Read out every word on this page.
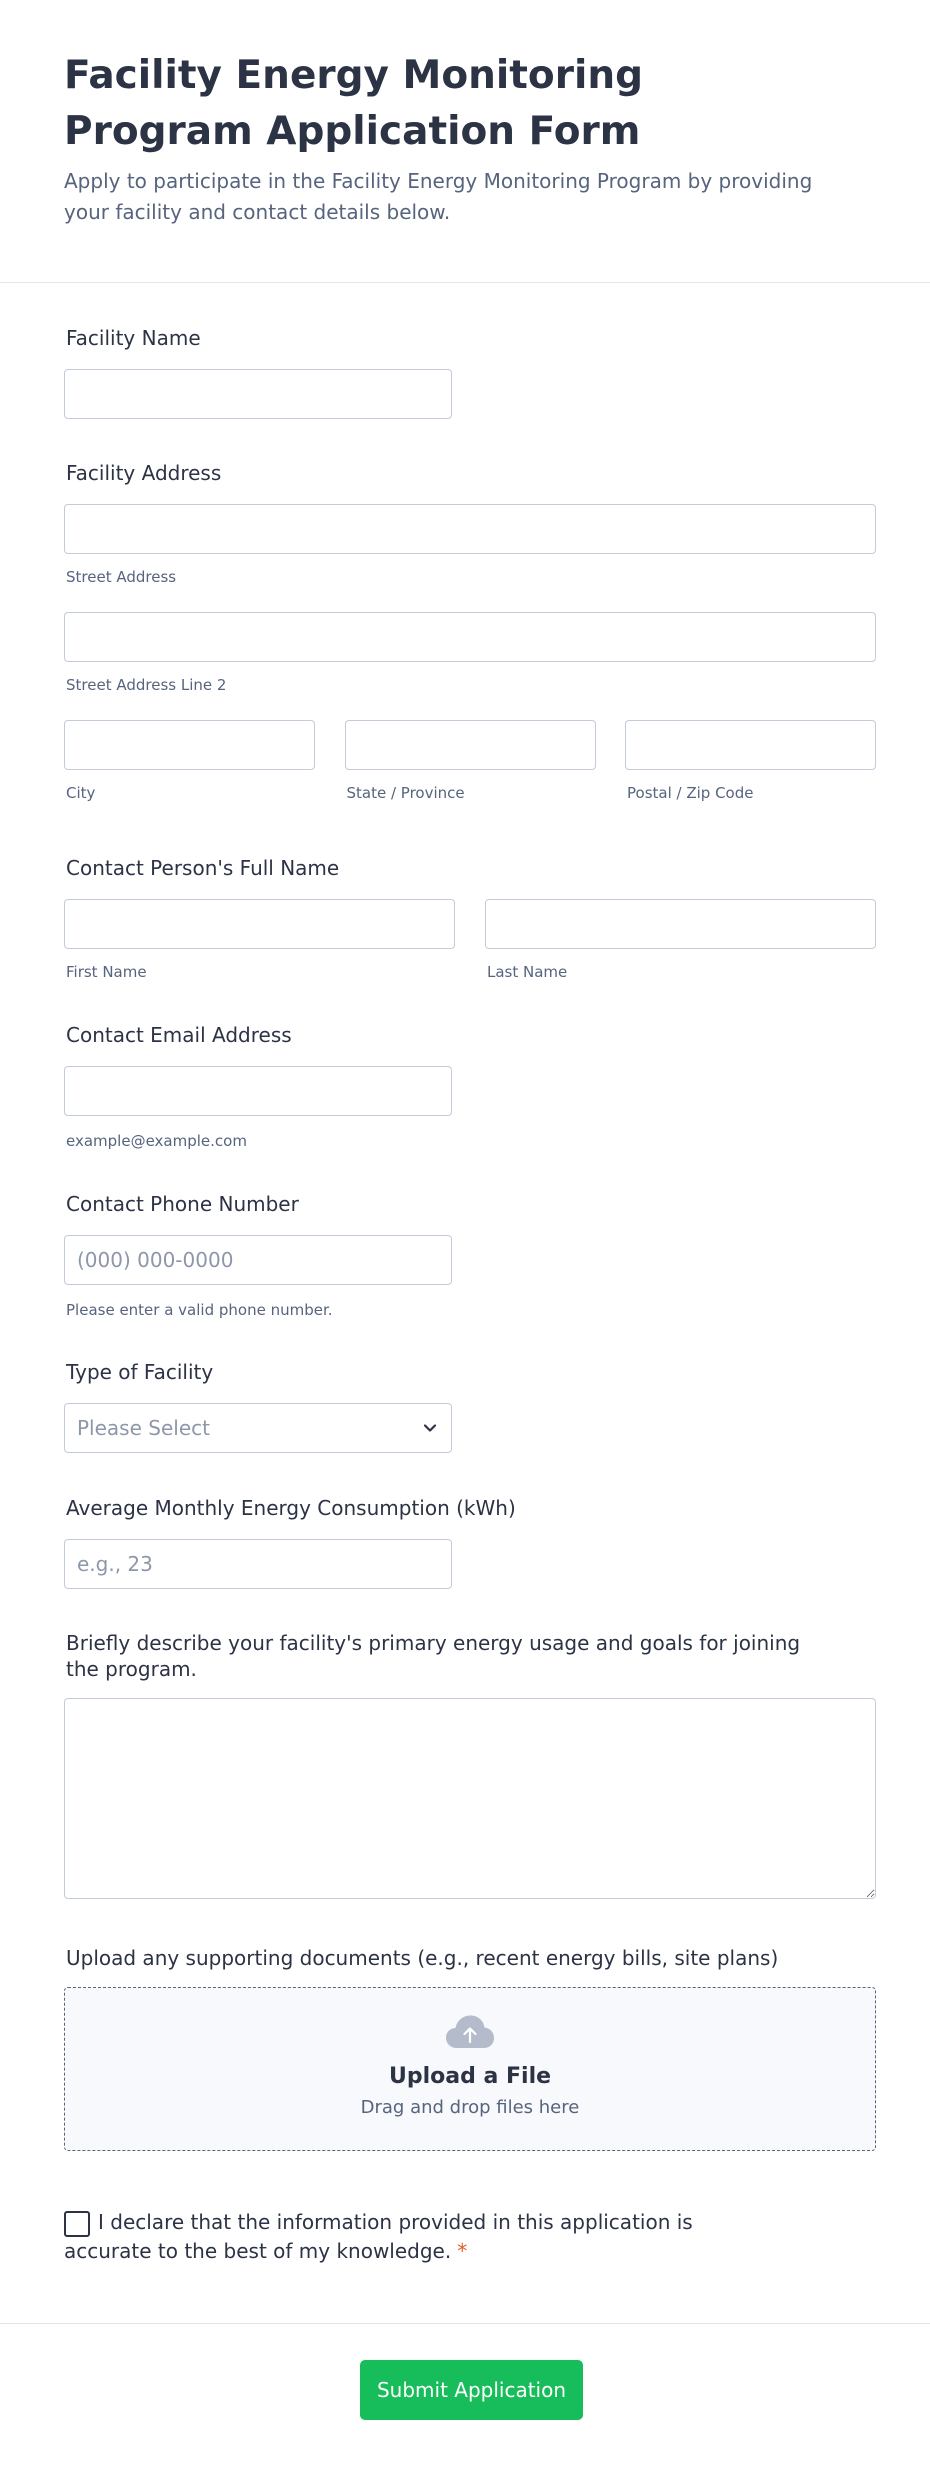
Facility Energy Monitoring Program Application Form

Apply to participate in the Facility Energy Monitoring Program by providing your facility and contact details below.

Facility Name
Facility Address
Street Address
Street Address Line 2
City	State / Province	Postal / Zip Code
Contact Person's Full Name
First Name	Last Name
Contact Email Address
example@example.com
Contact Phone Number
(000) 000-0000
Please enter a valid phone number.
Type of Facility
Please Select
Average Monthly Energy Consumption (kWh)
e.g., 23
Briefly describe your facility's primary energy usage and goals for joining the program.
Upload any supporting documents (e.g., recent energy bills, site plans)
Upload a File
Drag and drop files here
I declare that the information provided in this application is accurate to the best of my knowledge. *
Submit Application
